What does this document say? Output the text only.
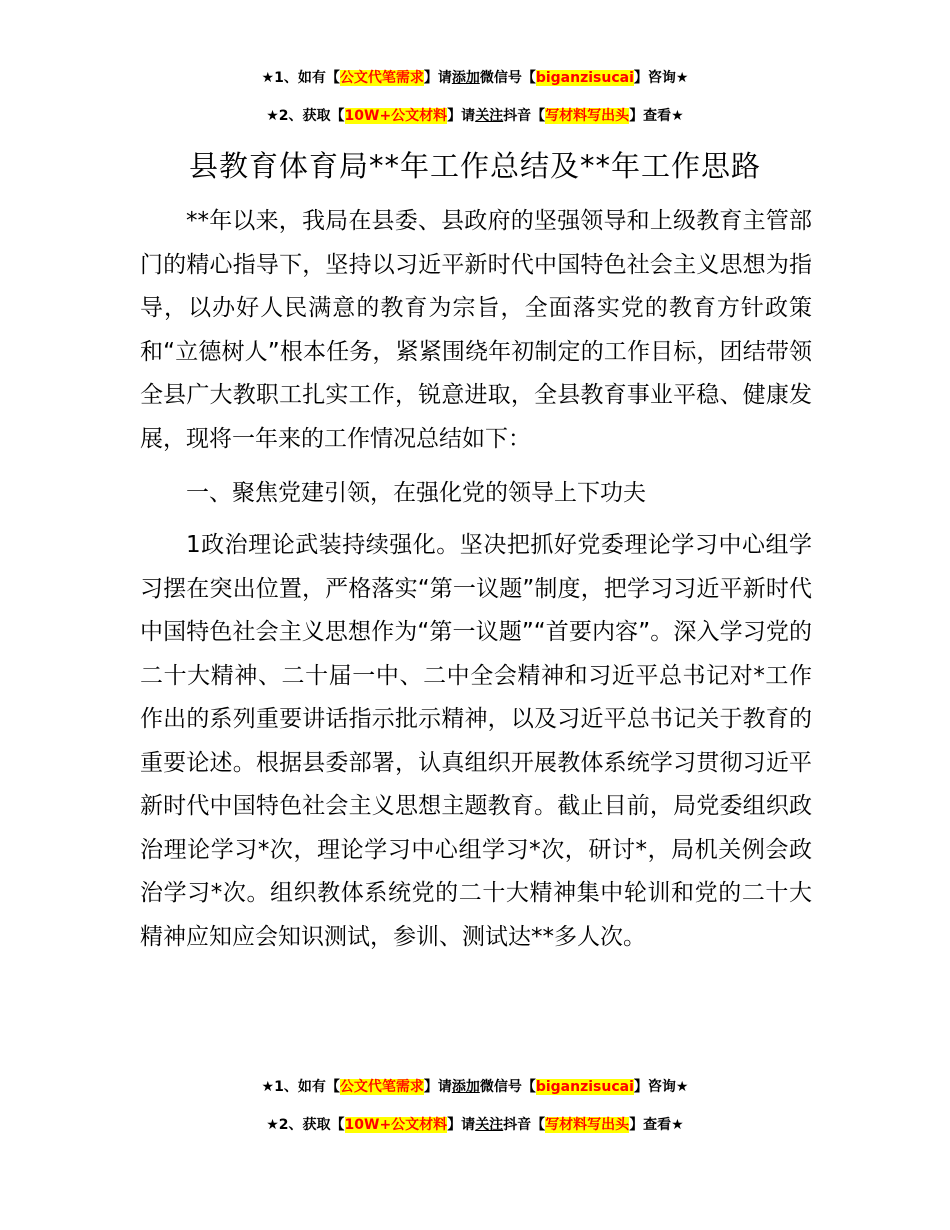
★1、如有【公文代笔需求】请添加微信号【biganzisucai】咨询★
★2、获取【10W+公文材料】请关注抖音【写材料写出头】查看★
县教育体育局**年工作总结及**年工作思路

**年以来，我局在县委、县政府的坚强领导和上级教育主管部门的精心指导下，坚持以习近平新时代中国特色社会主义思想为指导，以办好人民满意的教育为宗旨，全面落实党的教育方针政策和“立德树人”根本任务，紧紧围绕年初制定的工作目标，团结带领全县广大教职工扎实工作，锐意进取，全县教育事业平稳、健康发展，现将一年来的工作情况总结如下：

一、聚焦党建引领，在强化党的领导上下功夫

1政治理论武装持续强化。坚决把抓好党委理论学习中心组学习摆在突出位置，严格落实“第一议题”制度，把学习习近平新时代中国特色社会主义思想作为“第一议题”“首要内容”。深入学习党的二十大精神、二十届一中、二中全会精神和习近平总书记对*工作作出的系列重要讲话指示批示精神，以及习近平总书记关于教育的重要论述。根据县委部署，认真组织开展教体系统学习贯彻习近平新时代中国特色社会主义思想主题教育。截止目前，局党委组织政治理论学习*次，理论学习中心组学习*次，研讨*，局机关例会政治学习*次。组织教体系统党的二十大精神集中轮训和党的二十大精神应知应会知识测试，参训、测试达**多人次。

★1、如有【公文代笔需求】请添加微信号【biganzisucai】咨询★
★2、获取【10W+公文材料】请关注抖音【写材料写出头】查看★
